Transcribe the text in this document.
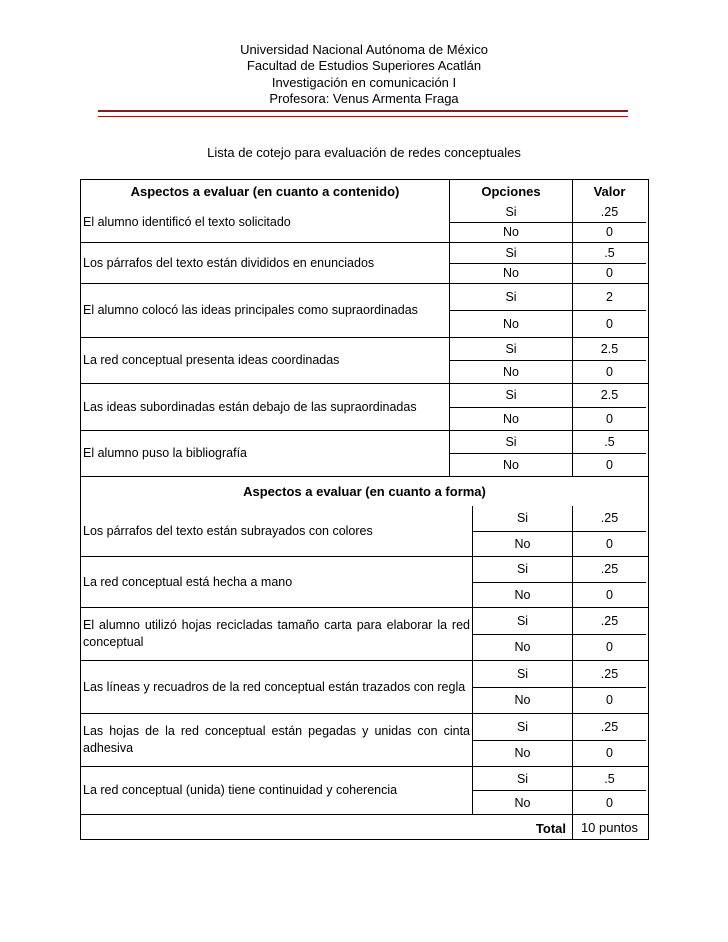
Universidad Nacional Autónoma de México
Facultad de Estudios Superiores Acatlán
Investigación en comunicación I
Profesora: Venus Armenta Fraga
Lista de cotejo para evaluación de redes conceptuales
Aspectos a evaluar (en cuanto a contenido)	Opciones	Valor
El alumno identificó el texto solicitado
Si	.25
No	0
Los párrafos del texto están divididos en enunciados
Si	.5
No	0
El alumno colocó las ideas principales como supraordinadas
Si	2
No	0
La red conceptual presenta ideas coordinadas
Si	2.5
No	0
Las ideas subordinadas están debajo de las supraordinadas
Si	2.5
No	0
El alumno puso la bibliografía
Si	.5
No	0
Aspectos a evaluar (en cuanto a forma)
Los párrafos del texto están subrayados con colores
Si	.25
No	0
La red conceptual está hecha a mano
Si	.25
No	0
El alumno utilizó hojas recicladas tamaño carta para elaborar la red conceptual
Si	.25
No	0
Las líneas y recuadros de la red conceptual están trazados con regla
Si	.25
No	0
Las hojas de la red conceptual están pegadas y unidas con cinta adhesiva
Si	.25
No	0
La red conceptual (unida) tiene continuidad y coherencia
Si	.5
No	0
Total	10 puntos
